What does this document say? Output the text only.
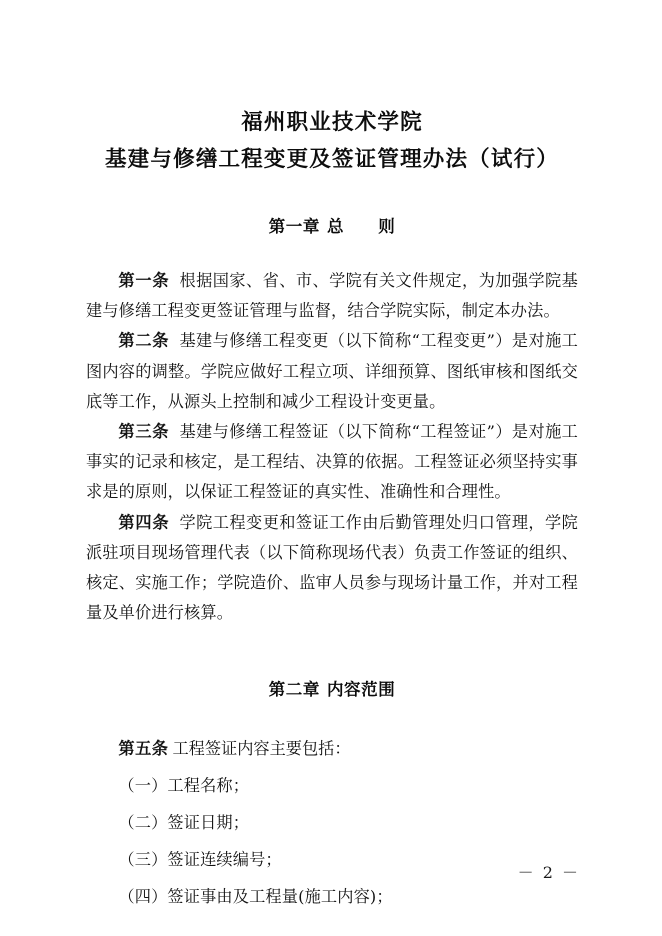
福州职业技术学院
基建与修缮工程变更及签证管理办法（试行）
第一章 总　　则
第一条 根据国家、省、市、学院有关文件规定，为加强学院基建与修缮工程变更签证管理与监督，结合学院实际，制定本办法。
第二条 基建与修缮工程变更（以下简称“工程变更”）是对施工图内容的调整。学院应做好工程立项、详细预算、图纸审核和图纸交底等工作，从源头上控制和减少工程设计变更量。
第三条 基建与修缮工程签证（以下简称“工程签证”）是对施工事实的记录和核定，是工程结、决算的依据。工程签证必须坚持实事求是的原则，以保证工程签证的真实性、准确性和合理性。
第四条 学院工程变更和签证工作由后勤管理处归口管理，学院派驻项目现场管理代表（以下简称现场代表）负责工作签证的组织、核定、实施工作；学院造价、监审人员参与现场计量工作，并对工程量及单价进行核算。
第二章 内容范围
第五条 工程签证内容主要包括：
（一）工程名称；
（二）签证日期；
（三）签证连续编号；
（四）签证事由及工程量(施工内容)；
－ 2 －
